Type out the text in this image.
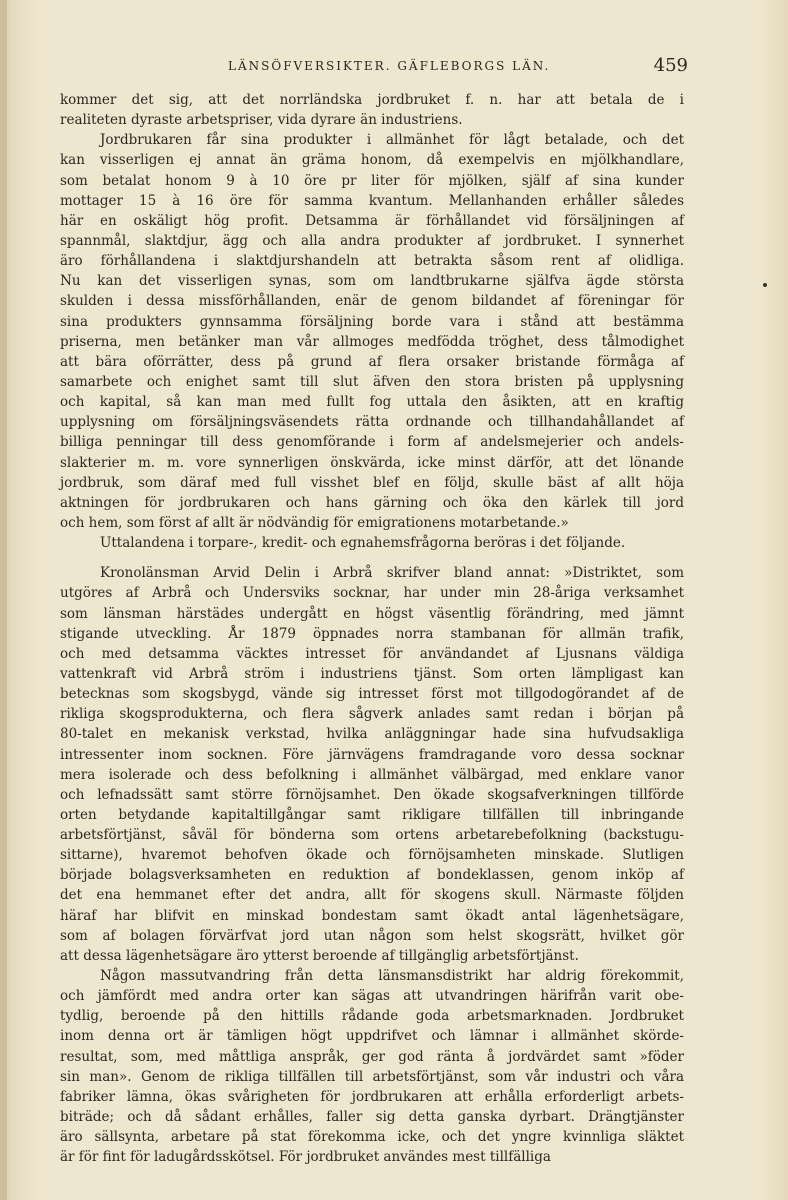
LÄNSÖFVERSIKTER. GÄFLEBORGS LÄN.	459
kommer det sig, att det norrländska jordbruket f. n. har att betala de i
realiteten dyraste arbetspriser, vida dyrare än industriens.
Jordbrukaren får sina produkter i allmänhet för lågt betalade, och det
kan visserligen ej annat än gräma honom, då exempelvis en mjölkhandlare,
som betalat honom 9 à 10 öre pr liter för mjölken, själf af sina kunder
mottager 15 à 16 öre för samma kvantum. Mellanhanden erhåller således
här en oskäligt hög profit. Detsamma är förhållandet vid försäljningen af
spannmål, slaktdjur, ägg och alla andra produkter af jordbruket. I synnerhet
äro förhållandena i slaktdjurshandeln att betrakta såsom rent af olidliga.
Nu kan det visserligen synas, som om landtbrukarne själfva ägde största
skulden i dessa missförhållanden, enär de genom bildandet af föreningar för
sina produkters gynnsamma försäljning borde vara i stånd att bestämma
priserna, men betänker man vår allmoges medfödda tröghet, dess tålmodighet
att bära oförrätter, dess på grund af flera orsaker bristande förmåga af
samarbete och enighet samt till slut äfven den stora bristen på upplysning
och kapital, så kan man med fullt fog uttala den åsikten, att en kraftig
upplysning om försäljningsväsendets rätta ordnande och tillhandahållandet af
billiga penningar till dess genomförande i form af andelsmejerier och andels-
slakterier m. m. vore synnerligen önskvärda, icke minst därför, att det lönande
jordbruk, som däraf med full visshet blef en följd, skulle bäst af allt höja
aktningen för jordbrukaren och hans gärning och öka den kärlek till jord
och hem, som först af allt är nödvändig för emigrationens motarbetande.»
Uttalandena i torpare-, kredit- och egnahemsfrågorna beröras i det följande.
Kronolänsman Arvid Delin i Arbrå skrifver bland annat: »Distriktet, som
utgöres af Arbrå och Undersviks socknar, har under min 28-åriga verksamhet
som länsman härstädes undergått en högst väsentlig förändring, med jämnt
stigande utveckling. År 1879 öppnades norra stambanan för allmän trafik,
och med detsamma väcktes intresset för användandet af Ljusnans väldiga
vattenkraft vid Arbrå ström i industriens tjänst. Som orten lämpligast kan
betecknas som skogsbygd, vände sig intresset först mot tillgodogörandet af de
rikliga skogsprodukterna, och flera sågverk anlades samt redan i början på
80-talet en mekanisk verkstad, hvilka anläggningar hade sina hufvudsakliga
intressenter inom socknen. Före järnvägens framdragande voro dessa socknar
mera isolerade och dess befolkning i allmänhet välbärgad, med enklare vanor
och lefnadssätt samt större förnöjsamhet. Den ökade skogsafverkningen tillförde
orten betydande kapitaltillgångar samt rikligare tillfällen till inbringande
arbetsförtjänst, såväl för bönderna som ortens arbetarebefolkning (backstugu-
sittarne), hvaremot behofven ökade och förnöjsamheten minskade. Slutligen
började bolagsverksamheten en reduktion af bondeklassen, genom inköp af
det ena hemmanet efter det andra, allt för skogens skull. Närmaste följden
häraf har blifvit en minskad bondestam samt ökadt antal lägenhetsägare,
som af bolagen förvärfvat jord utan någon som helst skogsrätt, hvilket gör
att dessa lägenhetsägare äro ytterst beroende af tillgänglig arbetsförtjänst.
Någon massutvandring från detta länsmansdistrikt har aldrig förekommit,
och jämfördt med andra orter kan sägas att utvandringen härifrån varit obe-
tydlig, beroende på den hittills rådande goda arbetsmarknaden. Jordbruket
inom denna ort är tämligen högt uppdrifvet och lämnar i allmänhet skörde-
resultat, som, med måttliga anspråk, ger god ränta å jordvärdet samt »föder
sin man». Genom de rikliga tillfällen till arbetsförtjänst, som vår industri och våra
fabriker lämna, ökas svårigheten för jordbrukaren att erhålla erforderligt arbets-
biträde; och då sådant erhålles, faller sig detta ganska dyrbart. Drängtjänster
äro sällsynta, arbetare på stat förekomma icke, och det yngre kvinnliga släktet
är för fint för ladugårdsskötsel. För jordbruket användes mest tillfälliga
